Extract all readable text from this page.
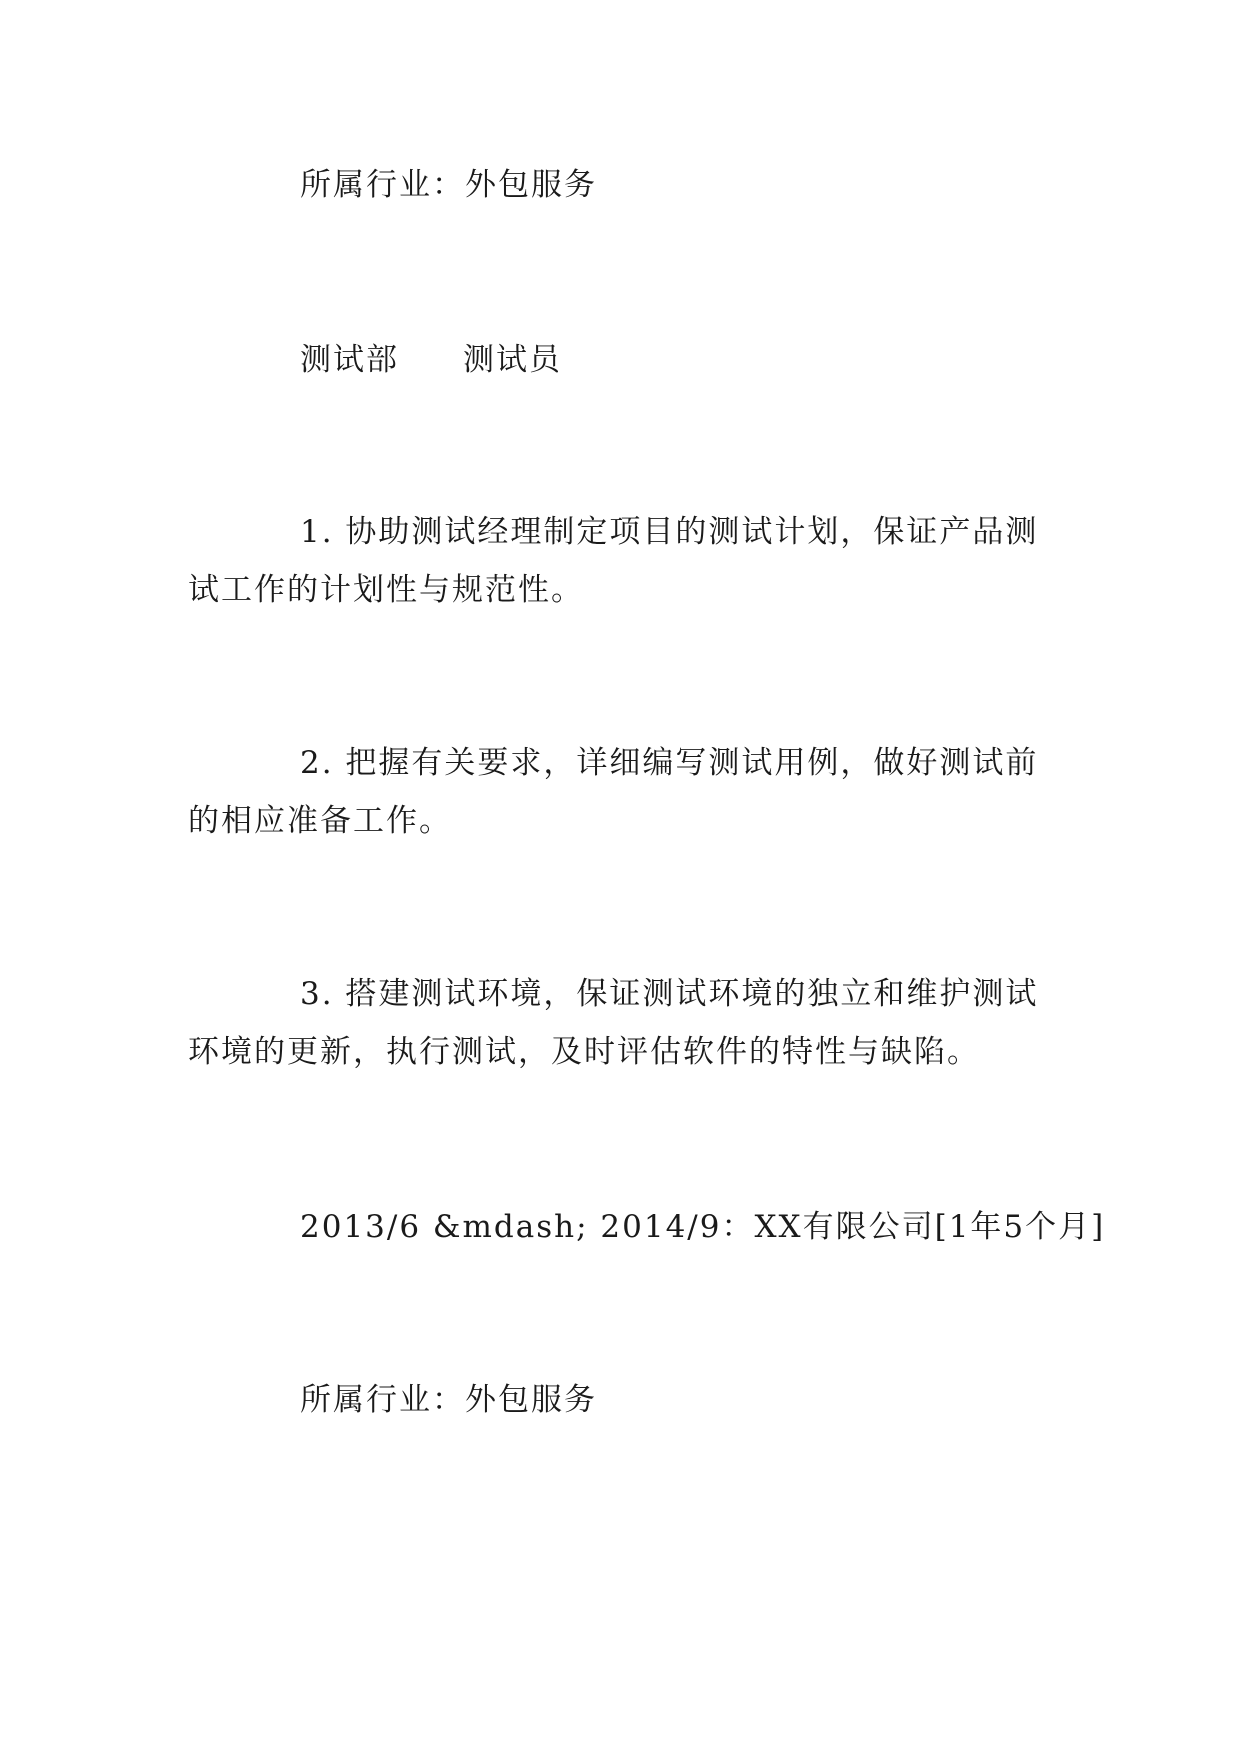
所属行业：外包服务

测试部 测试员

1. 协助测试经理制定项目的测试计划，保证产品测试工作的计划性与规范性。

2. 把握有关要求，详细编写测试用例，做好测试前的相应准备工作。

3. 搭建测试环境，保证测试环境的独立和维护测试环境的更新，执行测试，及时评估软件的特性与缺陷。

2013/6 &mdash; 2014/9：XX有限公司[1年5个月]

所属行业：外包服务
